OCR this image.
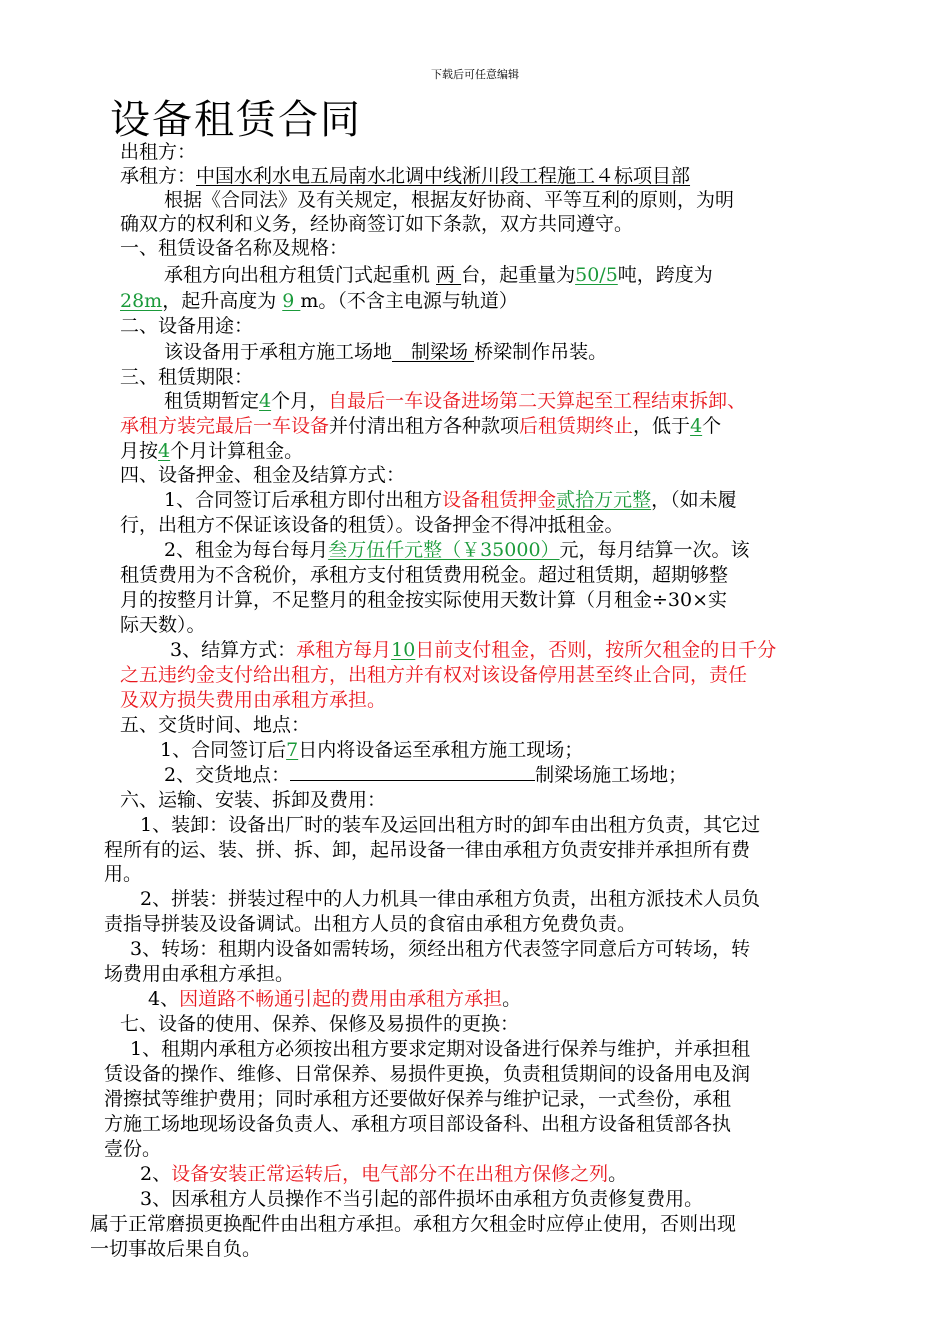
下载后可任意编辑
设备租赁合同
出租方：
承租方：中国水利水电五局南水北调中线淅川段工程施工４标项目部
根据《合同法》及有关规定，根据友好协商、平等互利的原则，为明
确双方的权利和义务，经协商签订如下条款，双方共同遵守。
一、租赁设备名称及规格：
承租方向出租方租赁门式起重机 两 台，起重量为50/5吨，跨度为
28m，起升高度为 9 m。（不含主电源与轨道）
二、设备用途：
该设备用于承租方施工场地　制梁场 桥梁制作吊装。
三、租赁期限：
租赁期暂定4个月，自最后一车设备进场第二天算起至工程结束拆卸、
承租方装完最后一车设备并付清出租方各种款项后租赁期终止，低于4个
月按4个月计算租金。
四、设备押金、租金及结算方式：
1、合同签订后承租方即付出租方设备租赁押金贰拾万元整，（如未履
行，出租方不保证该设备的租赁）。设备押金不得冲抵租金。
2、租金为每台每月叁万伍仟元整（￥35000）元，每月结算一次。该
租赁费用为不含税价，承租方支付租赁费用税金。超过租赁期，超期够整
月的按整月计算，不足整月的租金按实际使用天数计算（月租金÷30×实
际天数）。
3、结算方式：承租方每月10日前支付租金，否则，按所欠租金的日千分
之五违约金支付给出租方，出租方并有权对该设备停用甚至终止合同，责任
及双方损失费用由承租方承担。
五、交货时间、地点：
1、合同签订后7日内将设备运至承租方施工现场；
2、交货地点：	制梁场施工场地；
六、运输、安装、拆卸及费用：
1、装卸：设备出厂时的装车及运回出租方时的卸车由出租方负责，其它过
程所有的运、装、拼、拆、卸，起吊设备一律由承租方负责安排并承担所有费
用。
2、拼装：拼装过程中的人力机具一律由承租方负责，出租方派技术人员负
责指导拼装及设备调试。出租方人员的食宿由承租方免费负责。
3、转场：租期内设备如需转场，须经出租方代表签字同意后方可转场，转
场费用由承租方承担。
4、因道路不畅通引起的费用由承租方承担。
七、设备的使用、保养、保修及易损件的更换：
1、租期内承租方必须按出租方要求定期对设备进行保养与维护，并承担租
赁设备的操作、维修、日常保养、易损件更换，负责租赁期间的设备用电及润
滑擦拭等维护费用；同时承租方还要做好保养与维护记录，一式叁份，承租
方施工场地现场设备负责人、承租方项目部设备科、出租方设备租赁部各执
壹份。
2、设备安装正常运转后，电气部分不在出租方保修之列。
3、因承租方人员操作不当引起的部件损坏由承租方负责修复费用。
属于正常磨损更换配件由出租方承担。承租方欠租金时应停止使用，否则出现
一切事故后果自负。
